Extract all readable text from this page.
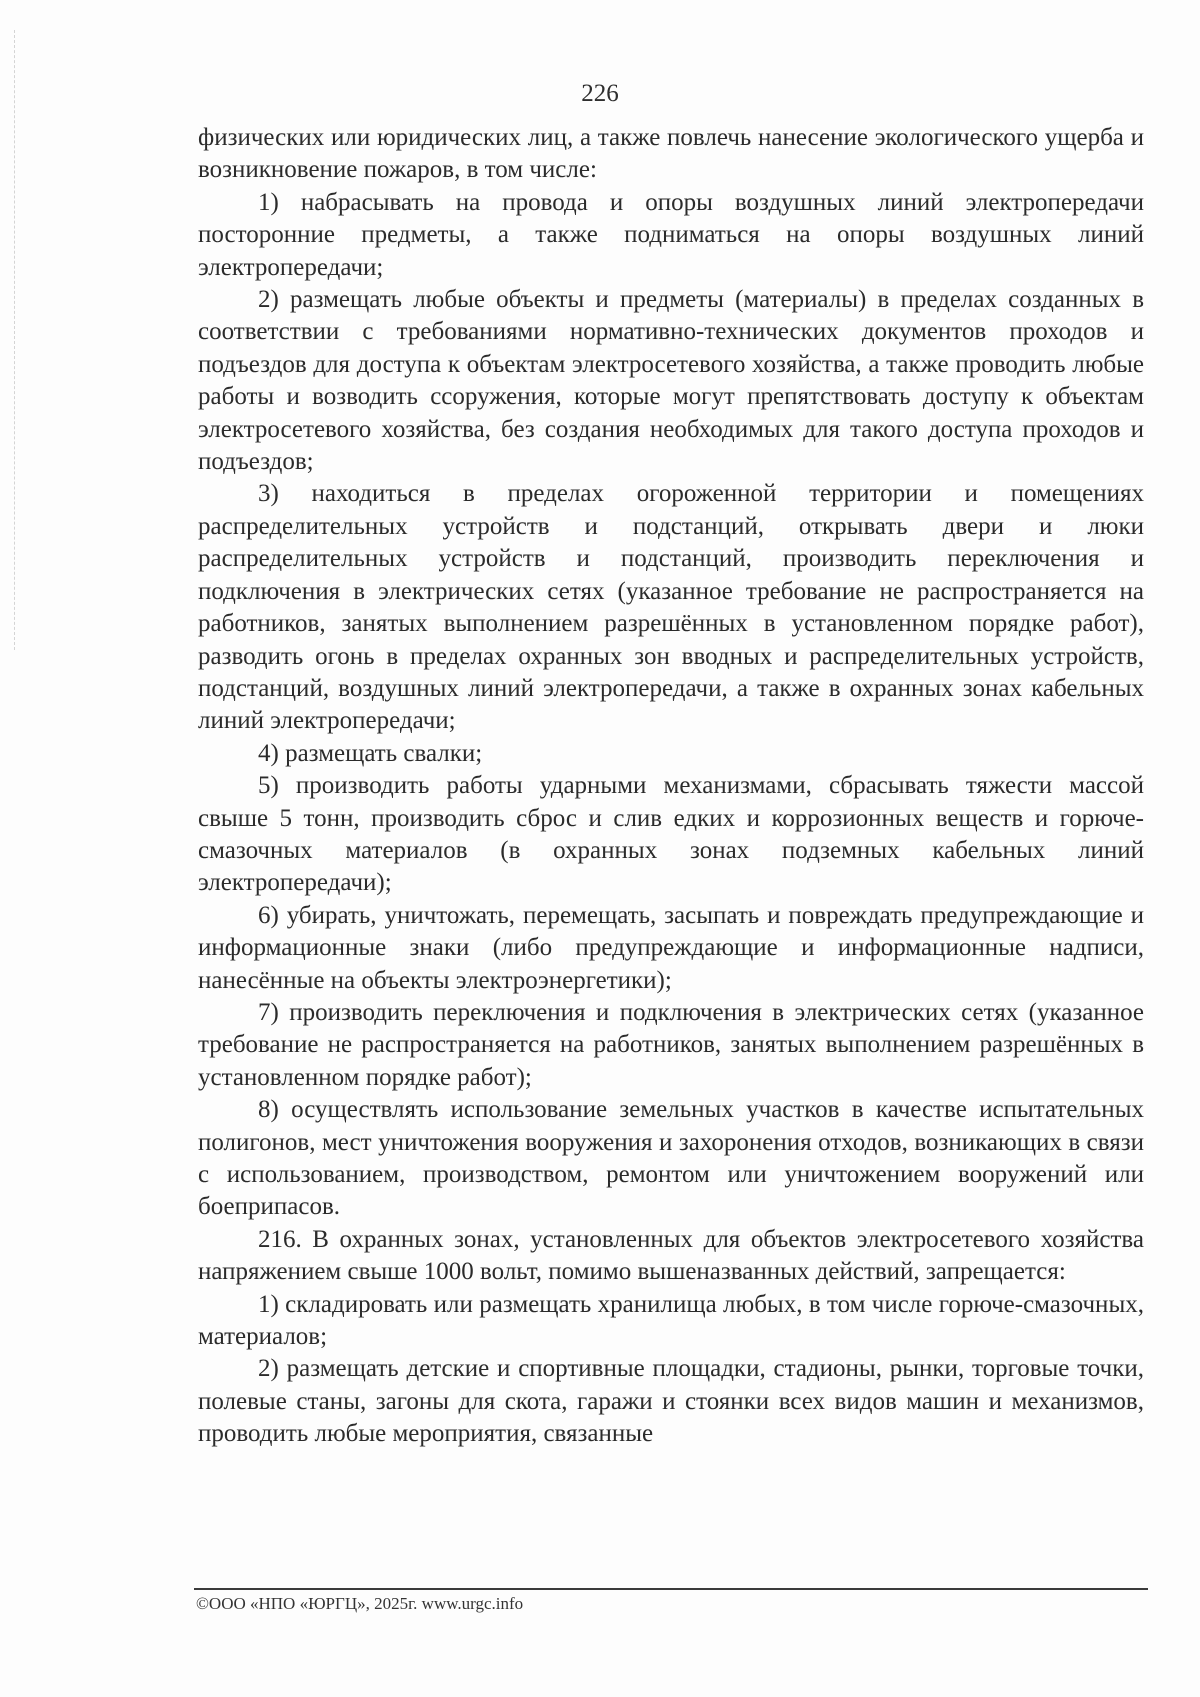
226

физических или юридических лиц, а также повлечь нанесение экологического ущерба и возникновение пожаров, в том числе:

1) набрасывать на провода и опоры воздушных линий электропередачи посторонние предметы, а также подниматься на опоры воздушных линий электропередачи;

2) размещать любые объекты и предметы (материалы) в пределах созданных в соответствии с требованиями нормативно-технических документов проходов и подъездов для доступа к объектам электросетевого хозяйства, а также проводить любые работы и возводить ссоружения, которые могут препятствовать доступу к объектам электросетевого хозяйства, без создания необходимых для такого доступа проходов и подъездов;

3) находиться в пределах огороженной территории и помещениях распределительных устройств и подстанций, открывать двери и люки распределительных устройств и подстанций, производить переключения и подключения в электрических сетях (указанное требование не распространяется на работников, занятых выполнением разрешённых в установленном порядке работ), разводить огонь в пределах охранных зон вводных и распределительных устройств, подстанций, воздушных линий электропередачи, а также в охранных зонах кабельных линий электропередачи;

4) размещать свалки;

5) производить работы ударными механизмами, сбрасывать тяжести массой свыше 5 тонн, производить сброс и слив едких и коррозионных веществ и горюче-смазочных материалов (в охранных зонах подземных кабельных линий электропередачи);

6) убирать, уничтожать, перемещать, засыпать и повреждать предупреждающие и информационные знаки (либо предупреждающие и информационные надписи, нанесённые на объекты электроэнергетики);

7) производить переключения и подключения в электрических сетях (указанное требование не распространяется на работников, занятых выполнением разрешённых в установленном порядке работ);

8) осуществлять использование земельных участков в качестве испытательных полигонов, мест уничтожения вооружения и захоронения отходов, возникающих в связи с использованием, производством, ремонтом или уничтожением вооружений или боеприпасов.

216. В охранных зонах, установленных для объектов электросетевого хозяйства напряжением свыше 1000 вольт, помимо вышеназванных действий, запрещается:

1) складировать или размещать хранилища любых, в том числе горюче-смазочных, материалов;

2) размещать детские и спортивные площадки, стадионы, рынки, торговые точки, полевые станы, загоны для скота, гаражи и стоянки всех видов машин и механизмов, проводить любые мероприятия, связанные

©ООО «НПО «ЮРГЦ», 2025г. www.urgc.info
